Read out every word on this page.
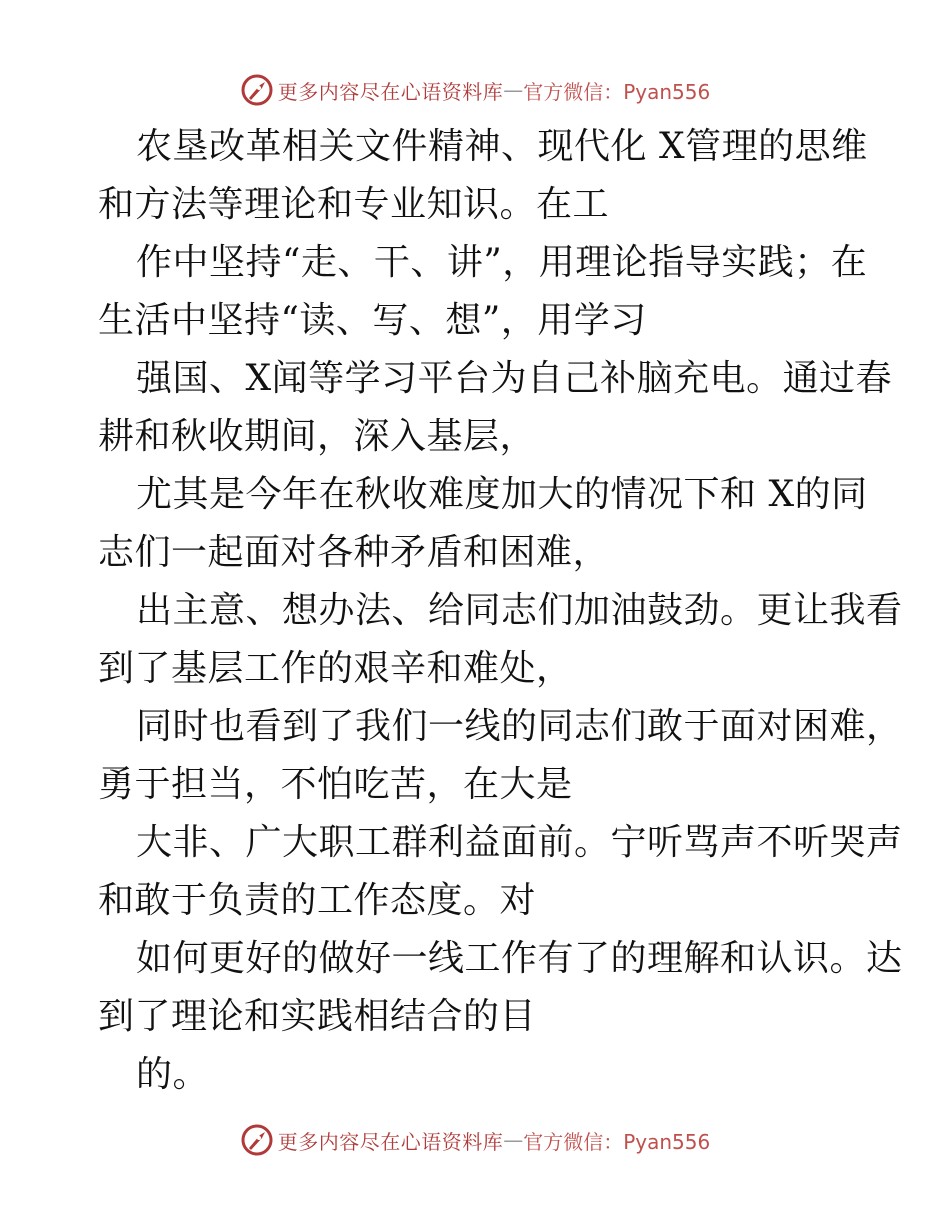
更多内容尽在心语资料库 — 官方微信：Pyan556
农垦改革相关文件精神、现代化 X管理的思维
和方法等理论和专业知识。在工
作中坚持“走、干、讲”，用理论指导实践；在
生活中坚持“读、写、想”，用学习
强国、X闻等学习平台为自己补脑充电。通过春
耕和秋收期间，深入基层，
尤其是今年在秋收难度加大的情况下和 X的同
志们一起面对各种矛盾和困难，
出主意、想办法、给同志们加油鼓劲。更让我看
到了基层工作的艰辛和难处，
同时也看到了我们一线的同志们敢于面对困难，
勇于担当，不怕吃苦，在大是
大非、广大职工群利益面前。宁听骂声不听哭声
和敢于负责的工作态度。对
如何更好的做好一线工作有了的理解和认识。达
到了理论和实践相结合的目
的。
更多内容尽在心语资料库 — 官方微信：Pyan556
